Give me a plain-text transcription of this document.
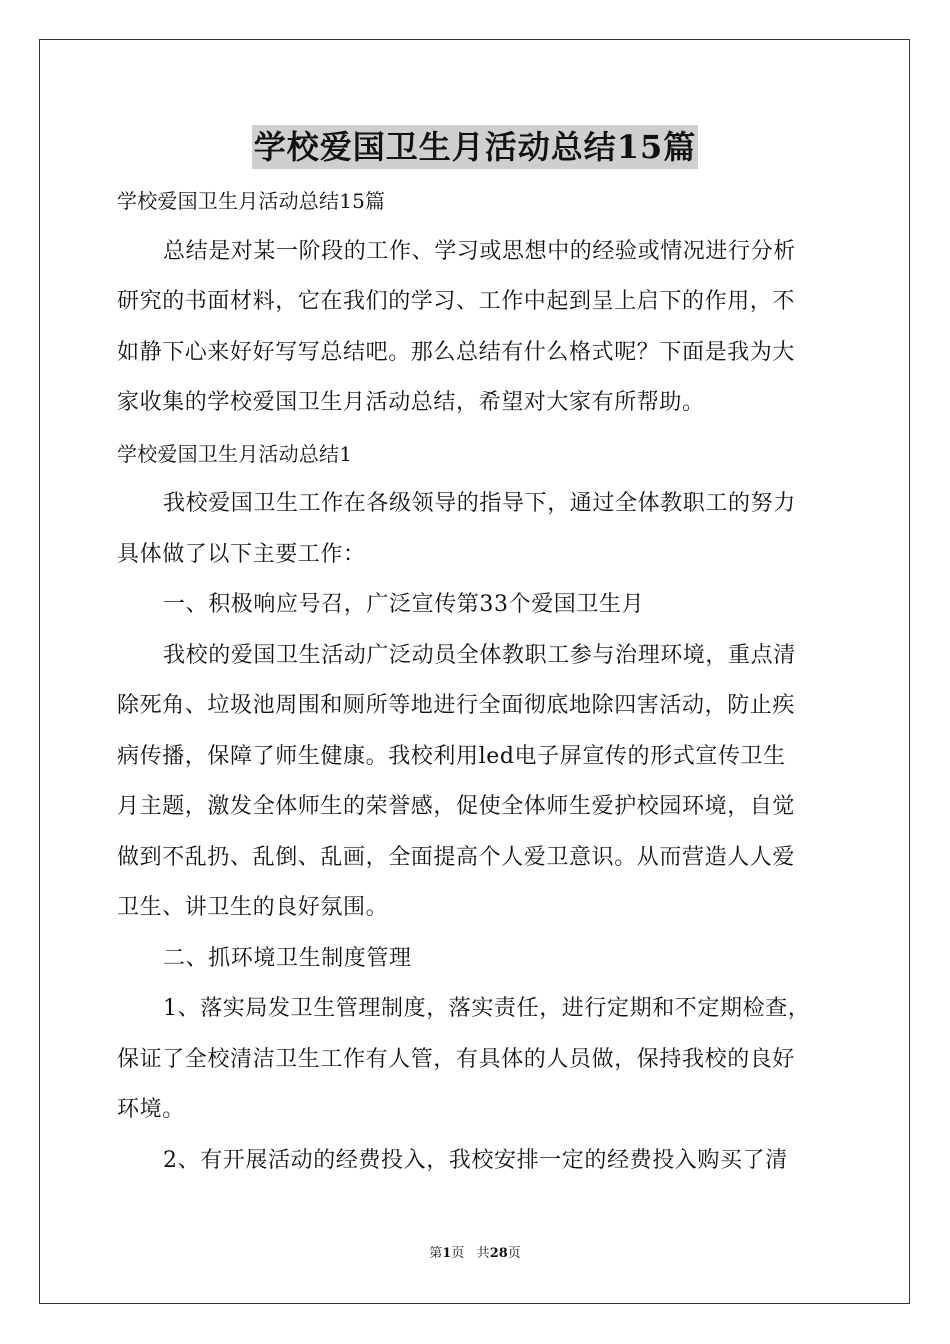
学校爱国卫生月活动总结15篇
学校爱国卫生月活动总结15篇
总结是对某一阶段的工作、学习或思想中的经验或情况进行分析
研究的书面材料，它在我们的学习、工作中起到呈上启下的作用，不
如静下心来好好写写总结吧。那么总结有什么格式呢？下面是我为大
家收集的学校爱国卫生月活动总结，希望对大家有所帮助。
学校爱国卫生月活动总结1
我校爱国卫生工作在各级领导的指导下，通过全体教职工的努力
具体做了以下主要工作：
一、积极响应号召，广泛宣传第33个爱国卫生月
我校的爱国卫生活动广泛动员全体教职工参与治理环境，重点清
除死角、垃圾池周围和厕所等地进行全面彻底地除四害活动，防止疾
病传播，保障了师生健康。我校利用led电子屏宣传的形式宣传卫生
月主题，激发全体师生的荣誉感，促使全体师生爱护校园环境，自觉
做到不乱扔、乱倒、乱画，全面提高个人爱卫意识。从而营造人人爱
卫生、讲卫生的良好氛围。
二、抓环境卫生制度管理
1、落实局发卫生管理制度，落实责任，进行定期和不定期检查，
保证了全校清洁卫生工作有人管，有具体的人员做，保持我校的良好
环境。
2、有开展活动的经费投入，我校安排一定的经费投入购买了清
第1页 共28页
